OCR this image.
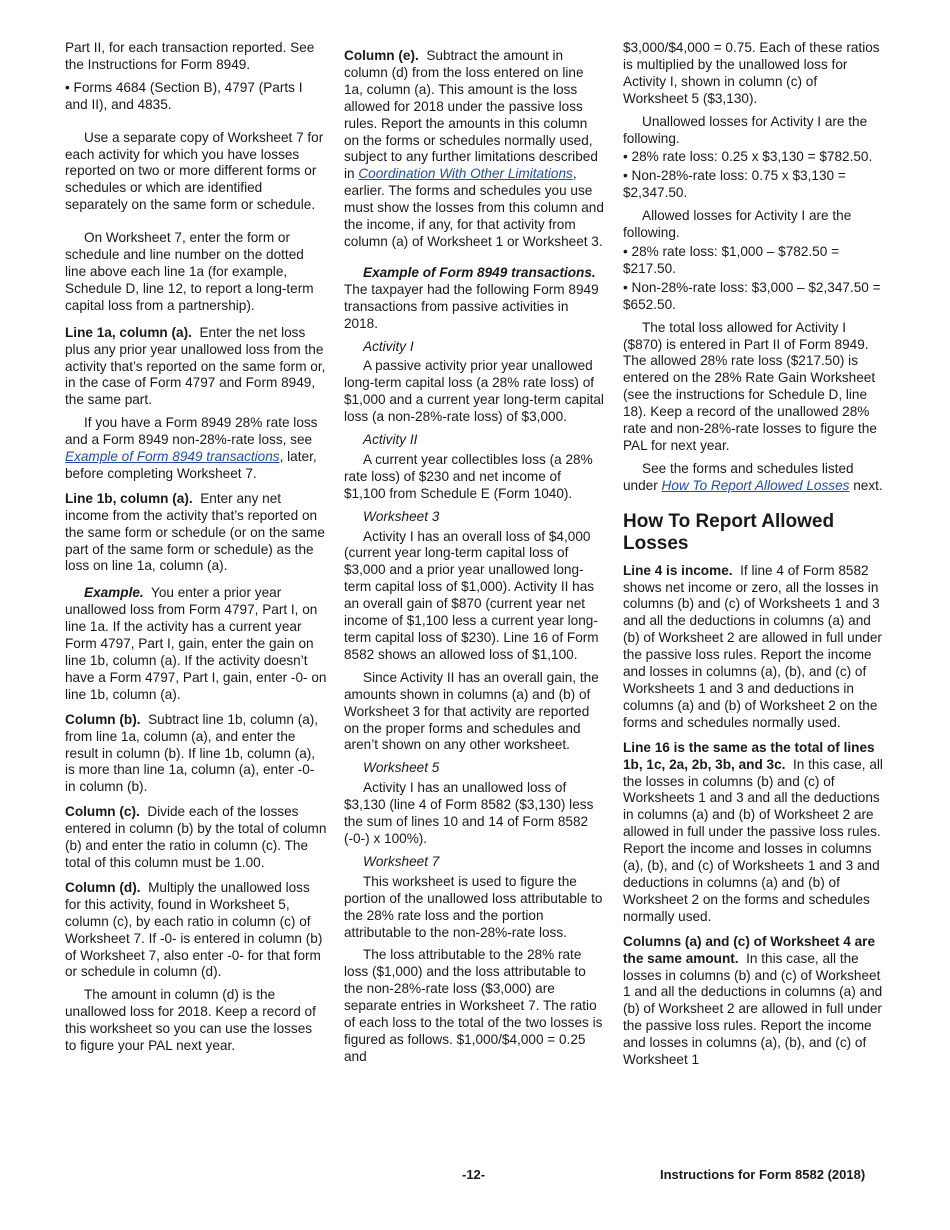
Part II, for each transaction reported. See the Instructions for Form 8949.

• Forms 4684 (Section B), 4797 (Parts I and II), and 4835.

Use a separate copy of Worksheet 7 for each activity for which you have losses reported on two or more different forms or schedules or which are identified separately on the same form or schedule.

On Worksheet 7, enter the form or schedule and line number on the dotted line above each line 1a (for example, Schedule D, line 12, to report a long-term capital loss from a partnership).

Line 1a, column (a). Enter the net loss plus any prior year unallowed loss from the activity that’s reported on the same form or, in the case of Form 4797 and Form 8949, the same part.

If you have a Form 8949 28% rate loss and a Form 8949 non-28%-rate loss, see Example of Form 8949 transactions, later, before completing Worksheet 7.

Line 1b, column (a). Enter any net income from the activity that’s reported on the same form or schedule (or on the same part of the same form or schedule) as the loss on line 1a, column (a).

Example. You enter a prior year unallowed loss from Form 4797, Part I, on line 1a. If the activity has a current year Form 4797, Part I, gain, enter the gain on line 1b, column (a). If the activity doesn’t have a Form 4797, Part I, gain, enter -0- on line 1b, column (a).

Column (b). Subtract line 1b, column (a), from line 1a, column (a), and enter the result in column (b). If line 1b, column (a), is more than line 1a, column (a), enter -0- in column (b).

Column (c). Divide each of the losses entered in column (b) by the total of column (b) and enter the ratio in column (c). The total of this column must be 1.00.

Column (d). Multiply the unallowed loss for this activity, found in Worksheet 5, column (c), by each ratio in column (c) of Worksheet 7. If -0- is entered in column (b) of Worksheet 7, also enter -0- for that form or schedule in column (d).

The amount in column (d) is the unallowed loss for 2018. Keep a record of this worksheet so you can use the losses to figure your PAL next year.

Column (e). Subtract the amount in column (d) from the loss entered on line 1a, column (a). This amount is the loss allowed for 2018 under the passive loss rules. Report the amounts in this column on the forms or schedules normally used, subject to any further limitations described in Coordination With Other Limitations, earlier. The forms and schedules you use must show the losses from this column and the income, if any, for that activity from column (a) of Worksheet 1 or Worksheet 3.

Example of Form 8949 transactions.  The taxpayer had the following Form 8949 transactions from passive activities in 2018.

Activity I

A passive activity prior year unallowed long-term capital loss (a 28% rate loss) of $1,000 and a current year long-term capital loss (a non-28%-rate loss) of $3,000.

Activity II

A current year collectibles loss (a 28% rate loss) of $230 and net income of $1,100 from Schedule E (Form 1040).

Worksheet 3

Activity I has an overall loss of $4,000 (current year long-term capital loss of $3,000 and a prior year unallowed long-term capital loss of $1,000). Activity II has an overall gain of $870 (current year net income of $1,100 less a current year long-term capital loss of $230). Line 16 of Form 8582 shows an allowed loss of $1,100.

Since Activity II has an overall gain, the amounts shown in columns (a) and (b) of Worksheet 3 for that activity are reported on the proper forms and schedules and aren’t shown on any other worksheet.

Worksheet 5

Activity I has an unallowed loss of $3,130 (line 4 of Form 8582 ($3,130) less the sum of lines 10 and 14 of Form 8582 (-0-) x 100%).

Worksheet 7

This worksheet is used to figure the portion of the unallowed loss attributable to the 28% rate loss and the portion attributable to the non-28%-rate loss.

The loss attributable to the 28% rate loss ($1,000) and the loss attributable to the non-28%-rate loss ($3,000) are separate entries in Worksheet 7. The ratio of each loss to the total of the two losses is figured as follows. $1,000/$4,000 = 0.25 and

$3,000/$4,000 = 0.75. Each of these ratios is multiplied by the unallowed loss for Activity I, shown in column (c) of Worksheet 5 ($3,130).

Unallowed losses for Activity I are the following.

• 28% rate loss: 0.25 x $3,130 = $782.50.

• Non-28%-rate loss: 0.75 x $3,130 = $2,347.50.

Allowed losses for Activity I are the following.

• 28% rate loss: $1,000 – $782.50 = $217.50.

• Non-28%-rate loss: $3,000 – $2,347.50 = $652.50.

The total loss allowed for Activity I ($870) is entered in Part II of Form 8949. The allowed 28% rate loss ($217.50) is entered on the 28% Rate Gain Worksheet (see the instructions for Schedule D, line 18). Keep a record of the unallowed 28% rate and non-28%-rate losses to figure the PAL for next year.

See the forms and schedules listed under How To Report Allowed Losses next.

How To Report Allowed Losses

Line 4 is income. If line 4 of Form 8582 shows net income or zero, all the losses in columns (b) and (c) of Worksheets 1 and 3 and all the deductions in columns (a) and (b) of Worksheet 2 are allowed in full under the passive loss rules. Report the income and losses in columns (a), (b), and (c) of Worksheets 1 and 3 and deductions in columns (a) and (b) of Worksheet 2 on the forms and schedules normally used.

Line 16 is the same as the total of lines 1b, 1c, 2a, 2b, 3b, and 3c. In this case, all the losses in columns (b) and (c) of Worksheets 1 and 3 and all the deductions in columns (a) and (b) of Worksheet 2 are allowed in full under the passive loss rules. Report the income and losses in columns (a), (b), and (c) of Worksheets 1 and 3 and deductions in columns (a) and (b) of Worksheet 2 on the forms and schedules normally used.

Columns (a) and (c) of Worksheet 4 are the same amount. In this case, all the losses in columns (b) and (c) of Worksheet 1 and all the deductions in columns (a) and (b) of Worksheet 2 are allowed in full under the passive loss rules. Report the income and losses in columns (a), (b), and (c) of Worksheet 1

-12-	Instructions for Form 8582 (2018)
